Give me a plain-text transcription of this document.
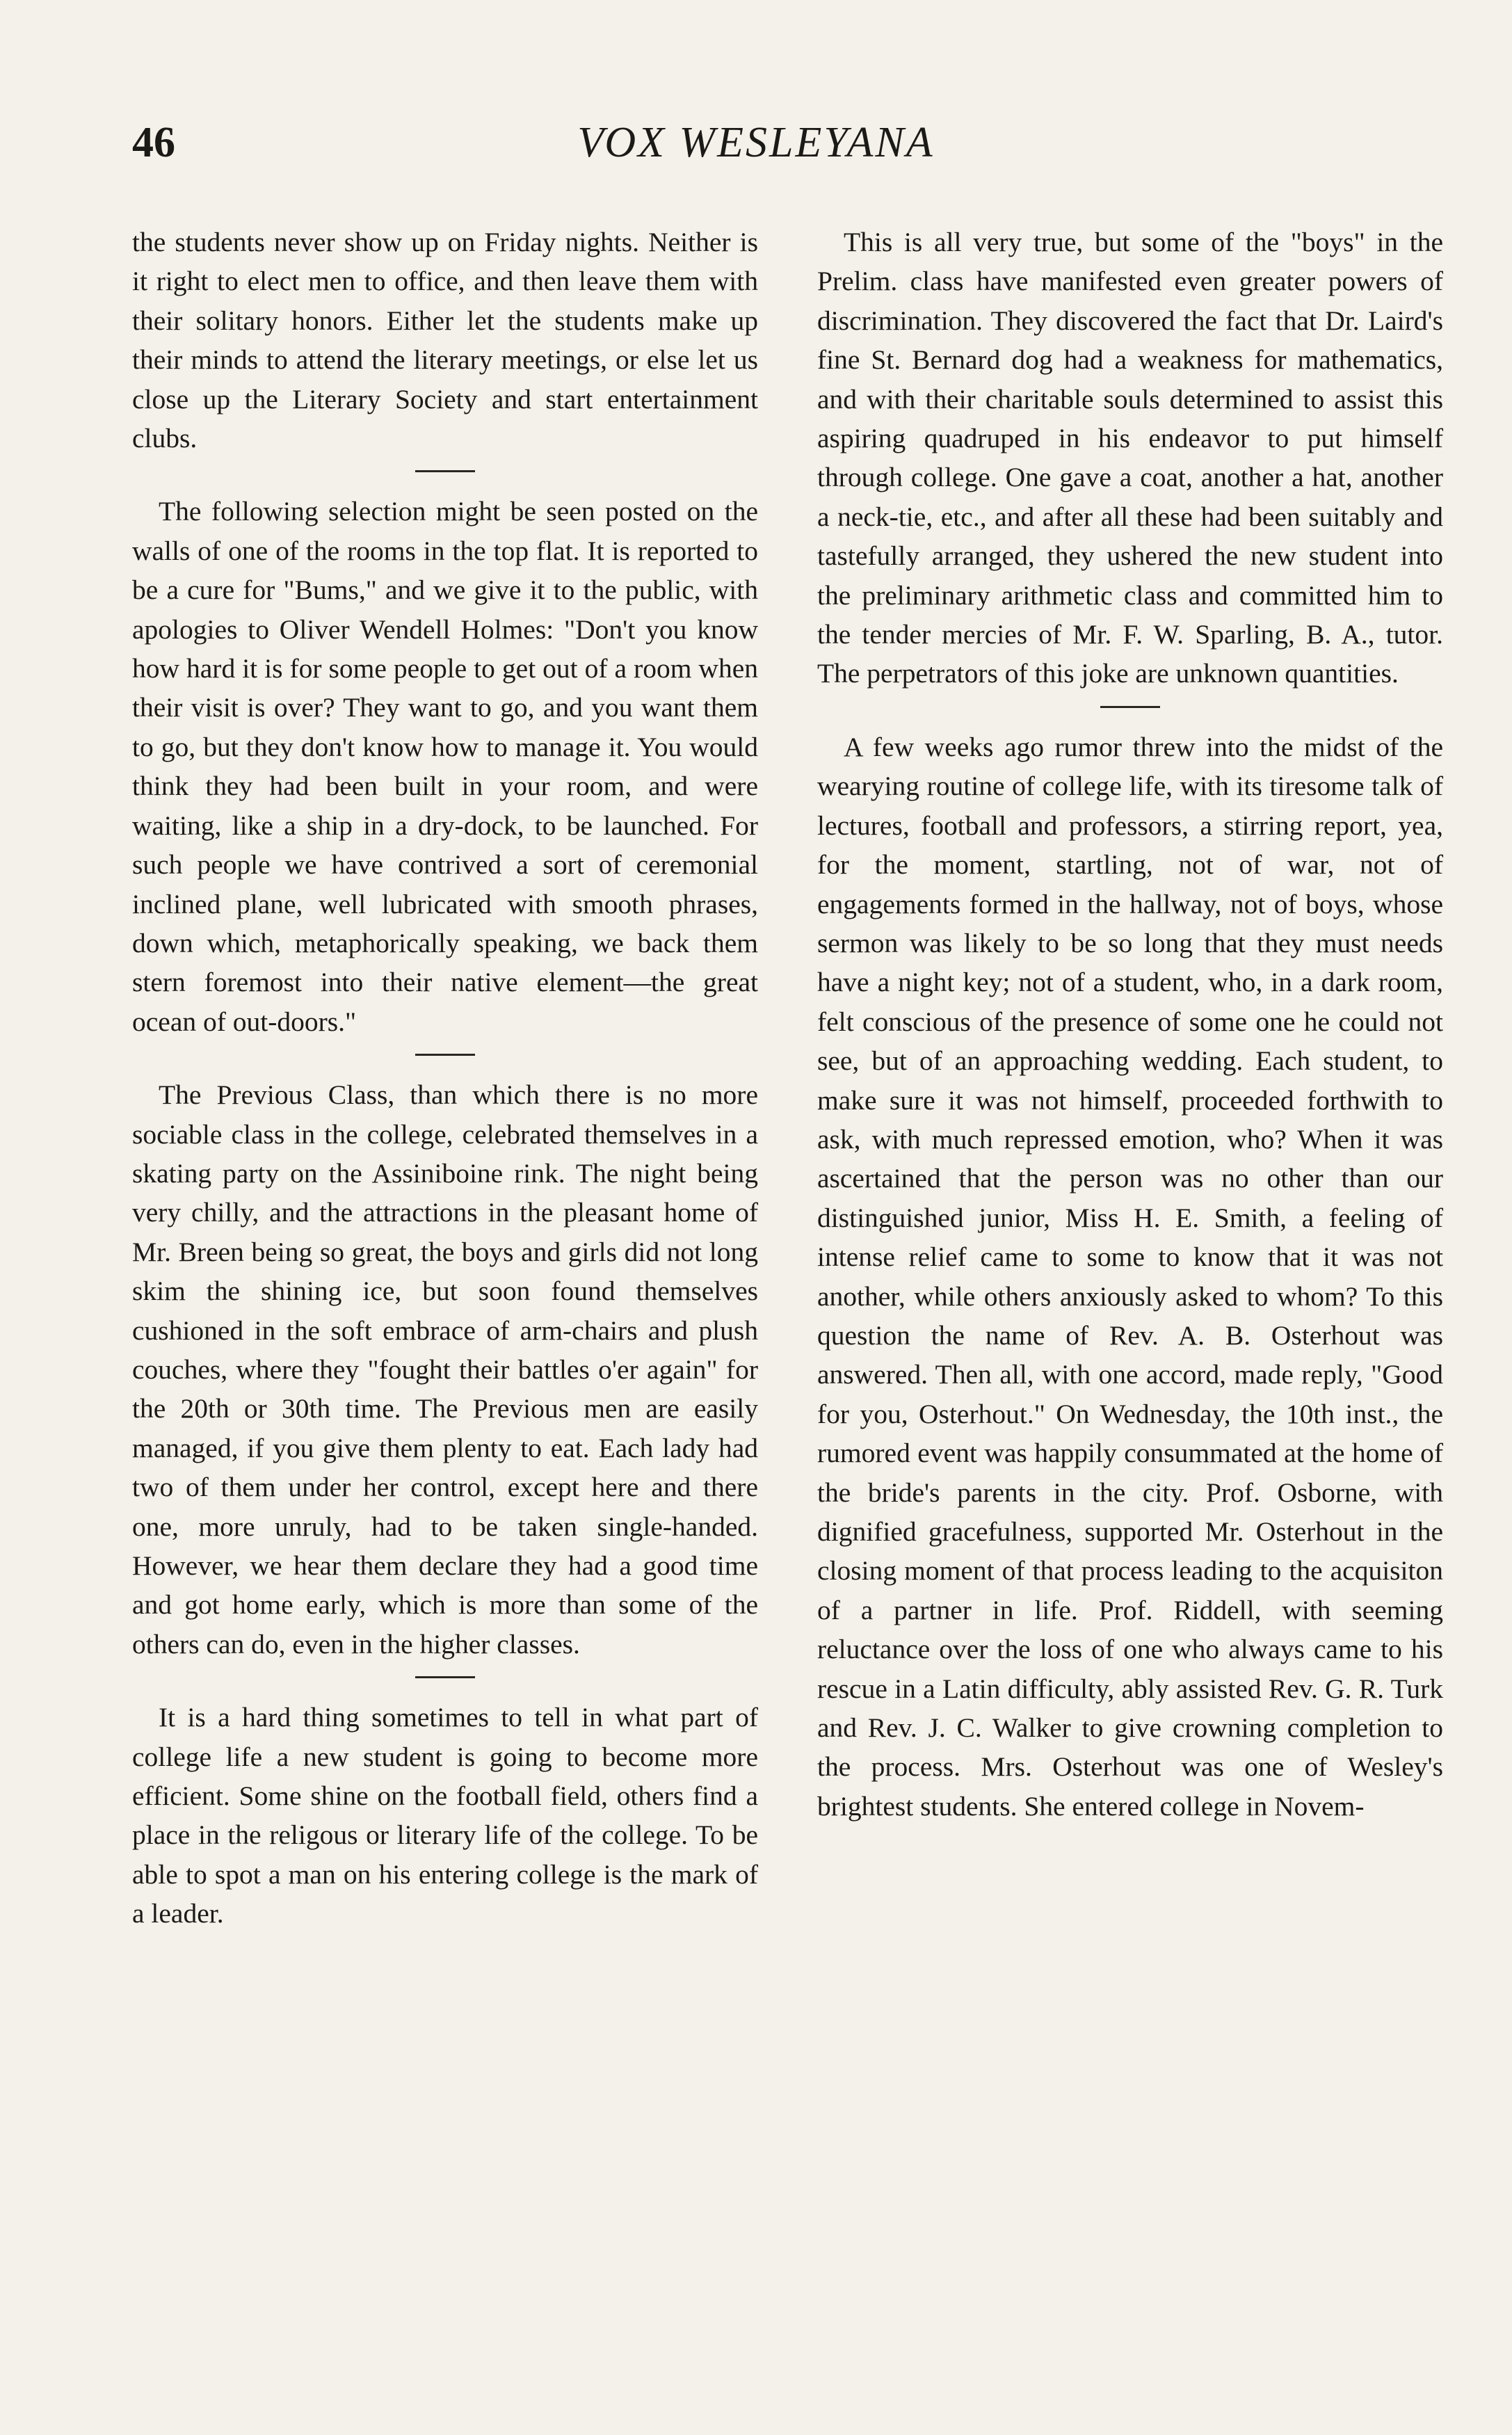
46	VOX WESLEYANA

the students never show up on Friday nights. Neither is it right to elect men to office, and then leave them with their solitary honors. Either let the students make up their minds to attend the literary meetings, or else let us close up the Literary Society and start entertainment clubs.

The following selection might be seen posted on the walls of one of the rooms in the top flat. It is reported to be a cure for "Bums," and we give it to the public, with apologies to Oliver Wendell Holmes: "Don't you know how hard it is for some people to get out of a room when their visit is over? They want to go, and you want them to go, but they don't know how to manage it. You would think they had been built in your room, and were waiting, like a ship in a dry-dock, to be launched. For such people we have contrived a sort of ceremonial inclined plane, well lubricated with smooth phrases, down which, metaphorically speaking, we back them stern foremost into their native element—the great ocean of out-doors."

The Previous Class, than which there is no more sociable class in the college, celebrated themselves in a skating party on the Assiniboine rink. The night being very chilly, and the attractions in the pleasant home of Mr. Breen being so great, the boys and girls did not long skim the shining ice, but soon found themselves cushioned in the soft embrace of arm-chairs and plush couches, where they "fought their battles o'er again" for the 20th or 30th time. The Previous men are easily managed, if you give them plenty to eat. Each lady had two of them under her control, except here and there one, more unruly, had to be taken single-handed. However, we hear them declare they had a good time and got home early, which is more than some of the others can do, even in the higher classes.

It is a hard thing sometimes to tell in what part of college life a new student is going to become more efficient. Some shine on the football field, others find a place in the religous or literary life of the college. To be able to spot a man on his entering college is the mark of a leader.

This is all very true, but some of the "boys" in the Prelim. class have manifested even greater powers of discrimination. They discovered the fact that Dr. Laird's fine St. Bernard dog had a weakness for mathematics, and with their charitable souls determined to assist this aspiring quadruped in his endeavor to put himself through college. One gave a coat, another a hat, another a neck-tie, etc., and after all these had been suitably and tastefully arranged, they ushered the new student into the preliminary arithmetic class and committed him to the tender mercies of Mr. F. W. Sparling, B. A., tutor. The perpetrators of this joke are unknown quantities.

A few weeks ago rumor threw into the midst of the wearying routine of college life, with its tiresome talk of lectures, football and professors, a stirring report, yea, for the moment, startling, not of war, not of engagements formed in the hallway, not of boys, whose sermon was likely to be so long that they must needs have a night key; not of a student, who, in a dark room, felt conscious of the presence of some one he could not see, but of an approaching wedding. Each student, to make sure it was not himself, proceeded forthwith to ask, with much repressed emotion, who? When it was ascertained that the person was no other than our distinguished junior, Miss H. E. Smith, a feeling of intense relief came to some to know that it was not another, while others anxiously asked to whom? To this question the name of Rev. A. B. Osterhout was answered. Then all, with one accord, made reply, "Good for you, Osterhout." On Wednesday, the 10th inst., the rumored event was happily consummated at the home of the bride's parents in the city. Prof. Osborne, with dignified gracefulness, supported Mr. Osterhout in the closing moment of that process leading to the acquisiton of a partner in life. Prof. Riddell, with seeming reluctance over the loss of one who always came to his rescue in a Latin difficulty, ably assisted Rev. G. R. Turk and Rev. J. C. Walker to give crowning completion to the process. Mrs. Osterhout was one of Wesley's brightest students. She entered college in Novem-
